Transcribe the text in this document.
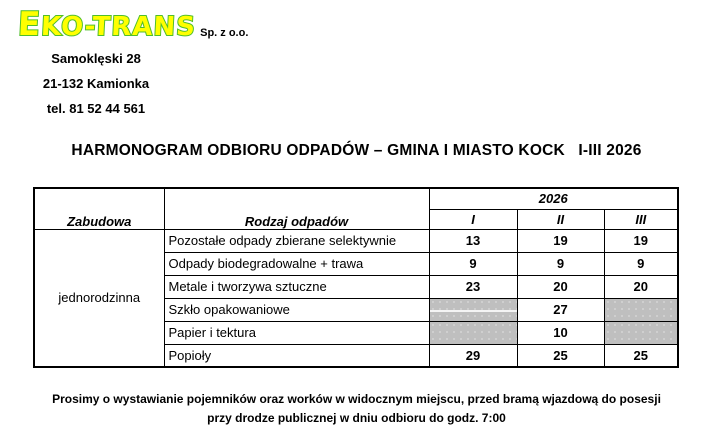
EKO-TRANS Sp. z o.o.
Samoklęski 28
21-132 Kamionka
tel. 81 52 44 561
HARMONOGRAM ODBIORU ODPADÓW – GMINA I MIASTO KOCK   I-III 2026
Zabudowa	Rodzaj odpadów	2026		
		I	II	III
jednorodzinna	Pozostałe odpady zbierane selektywnie	13	19	19
	Odpady biodegradowalne + trawa	9	9	9
	Metale i tworzywa sztuczne	23	20	20
	Szkło opakowaniowe		27	
	Papier i tektura		10	
	Popioły	29	25	25
Prosimy o wystawianie pojemników oraz worków w widocznym miejscu, przed bramą wjazdową do posesji
przy drodze publicznej w dniu odbioru do godz. 7:00
